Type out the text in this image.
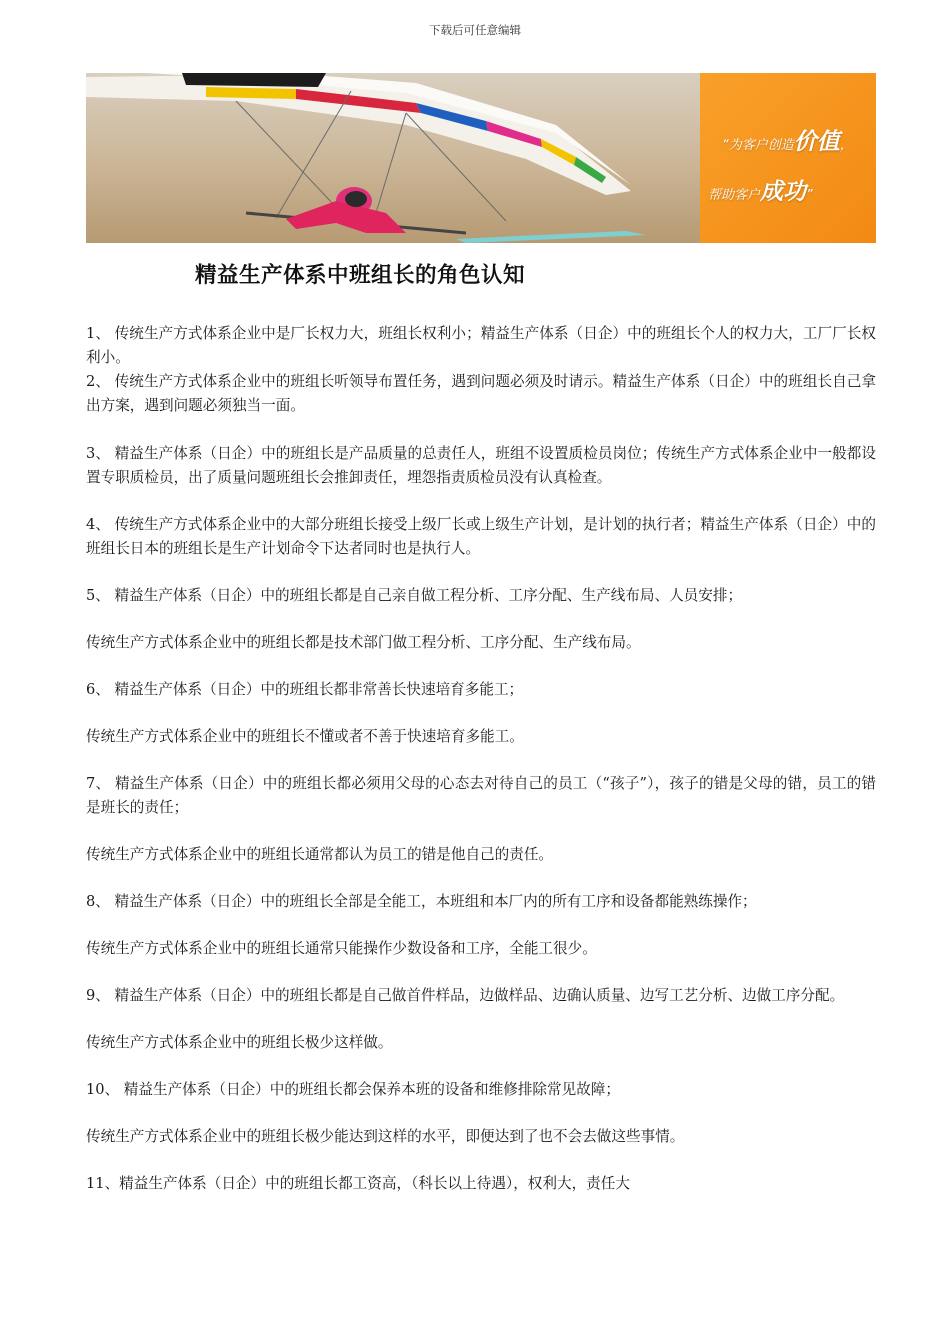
下载后可任意编辑
“为客户创造价值，
帮助客户成功”
精益生产体系中班组长的角色认知

1、 传统生产方式体系企业中是厂长权力大，班组长权利小；精益生产体系（日企）中的班组长个人的权力大，工厂厂长权利小。

2、 传统生产方式体系企业中的班组长听领导布置任务，遇到问题必须及时请示。精益生产体系（日企）中的班组长自己拿出方案，遇到问题必须独当一面。

3、 精益生产体系（日企）中的班组长是产品质量的总责任人，班组不设置质检员岗位；传统生产方式体系企业中一般都设置专职质检员，出了质量问题班组长会推卸责任，埋怨指责质检员没有认真检查。

4、 传统生产方式体系企业中的大部分班组长接受上级厂长或上级生产计划，是计划的执行者；精益生产体系（日企）中的班组长日本的班组长是生产计划命令下达者同时也是执行人。

5、 精益生产体系（日企）中的班组长都是自己亲自做工程分析、工序分配、生产线布局、人员安排；

传统生产方式体系企业中的班组长都是技术部门做工程分析、工序分配、生产线布局。

6、 精益生产体系（日企）中的班组长都非常善长快速培育多能工；

传统生产方式体系企业中的班组长不懂或者不善于快速培育多能工。

7、 精益生产体系（日企）中的班组长都必须用父母的心态去对待自己的员工（“孩子”），孩子的错是父母的错，员工的错是班长的责任；

传统生产方式体系企业中的班组长通常都认为员工的错是他自己的责任。

8、 精益生产体系（日企）中的班组长全部是全能工，本班组和本厂内的所有工序和设备都能熟练操作；

传统生产方式体系企业中的班组长通常只能操作少数设备和工序，全能工很少。

9、 精益生产体系（日企）中的班组长都是自己做首件样品，边做样品、边确认质量、边写工艺分析、边做工序分配。

传统生产方式体系企业中的班组长极少这样做。

10、 精益生产体系（日企）中的班组长都会保养本班的设备和维修排除常见故障；

传统生产方式体系企业中的班组长极少能达到这样的水平，即便达到了也不会去做这些事情。

11、精益生产体系（日企）中的班组长都工资高，（科长以上待遇），权利大，责任大
